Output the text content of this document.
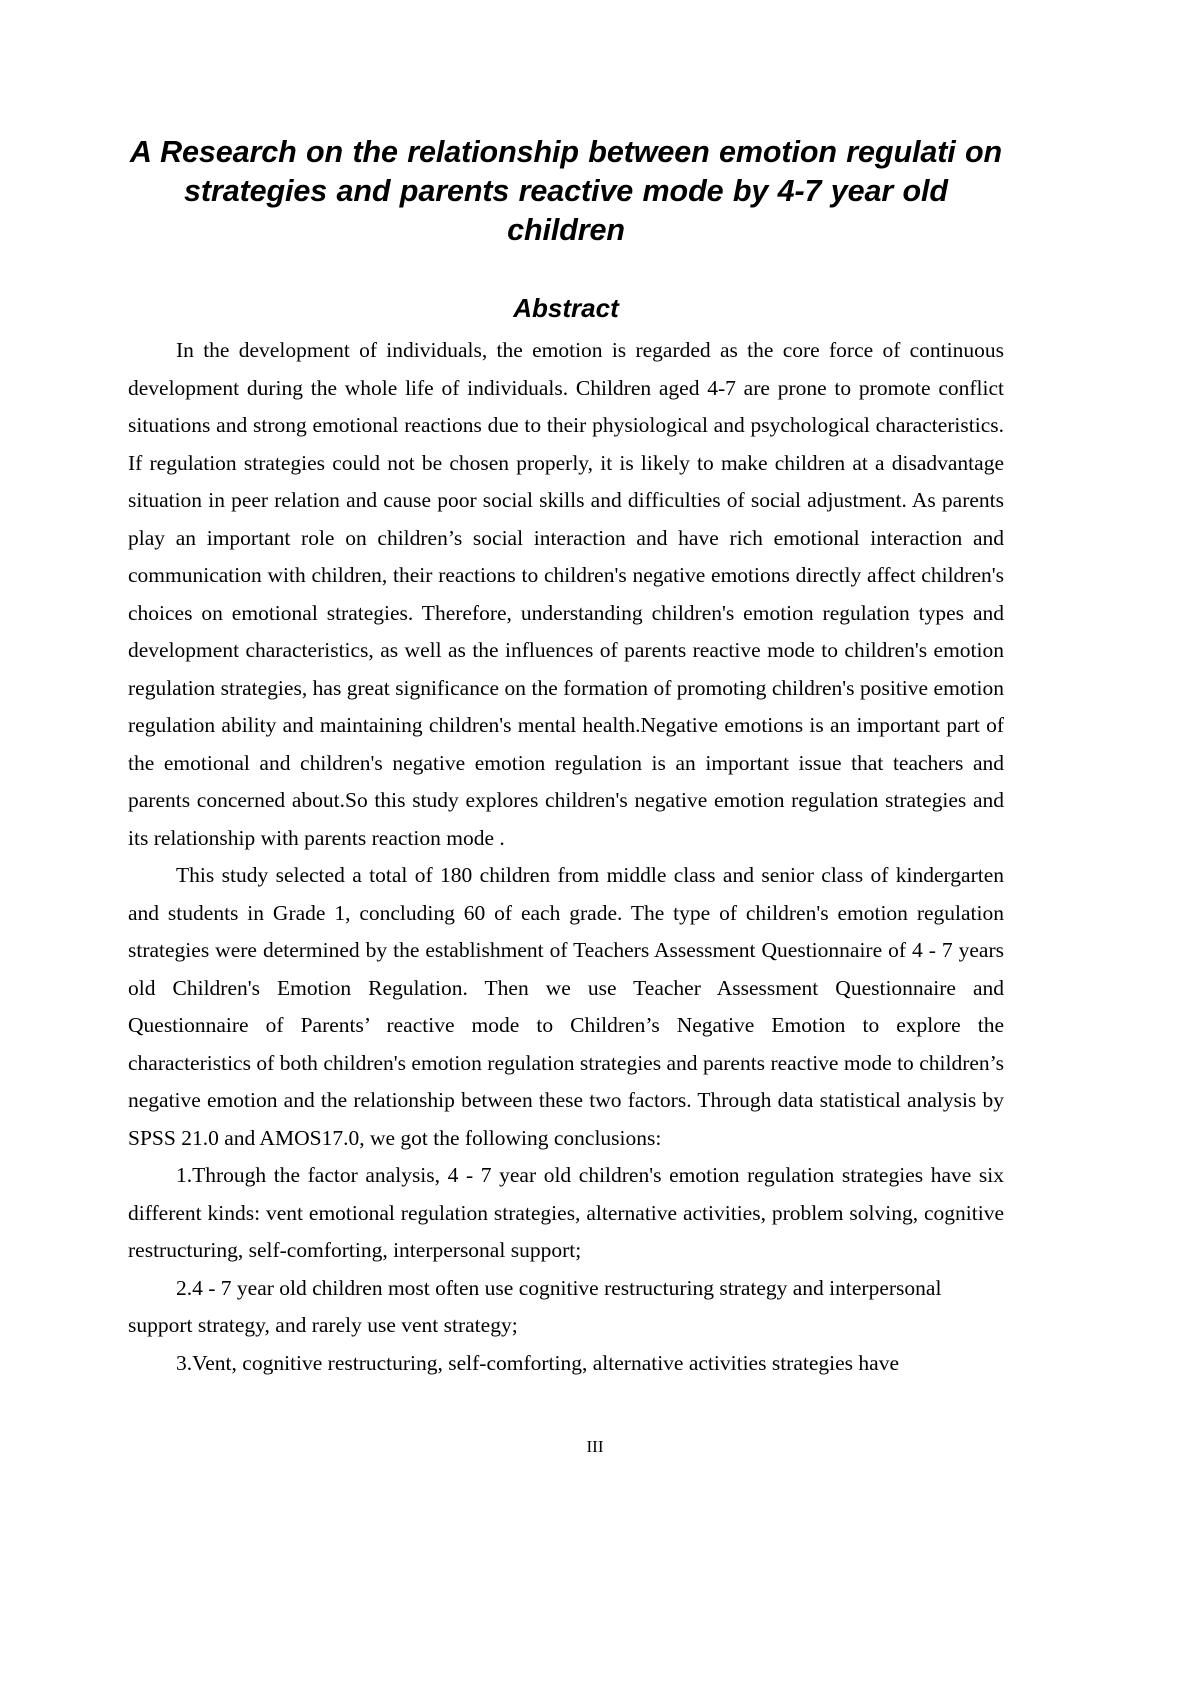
A Research on the relationship between emotion regulati on strategies and parents reactive mode by 4-7 year old children
Abstract

In the development of individuals, the emotion is regarded as the core force of continuous development during the whole life of individuals. Children aged 4-7 are prone to promote conflict situations and strong emotional reactions due to their physiological and psychological characteristics. If regulation strategies could not be chosen properly, it is likely to make children at a disadvantage situation in peer relation and cause poor social skills and difficulties of social adjustment. As parents play an important role on children’s social interaction and have rich emotional interaction and communication with children, their reactions to children's negative emotions directly affect children's choices on emotional strategies. Therefore, understanding children's emotion regulation types and development characteristics, as well as the influences of parents reactive mode to children's emotion regulation strategies, has great significance on the formation of promoting children's positive emotion regulation ability and maintaining children's mental health.Negative emotions is an important part of the emotional and children's negative emotion regulation is an important issue that teachers and parents concerned about.So this study explores children's negative emotion regulation strategies and its relationship with parents reaction mode .

This study selected a total of 180 children from middle class and senior class of kindergarten and students in Grade 1, concluding 60 of each grade. The type of children's emotion regulation strategies were determined by the establishment of Teachers Assessment Questionnaire of 4 - 7 years old Children's Emotion Regulation. Then we use Teacher Assessment Questionnaire and Questionnaire of Parents’ reactive mode to Children’s Negative Emotion to explore the characteristics of both children's emotion regulation strategies and parents reactive mode to children’s negative emotion and the relationship between these two factors. Through data statistical analysis by SPSS 21.0 and AMOS17.0, we got the following conclusions:

1.Through the factor analysis, 4 - 7 year old children's emotion regulation strategies have six different kinds: vent emotional regulation strategies, alternative activities, problem solving, cognitive restructuring, self-comforting, interpersonal support;

2.4 - 7 year old children most often use cognitive restructuring strategy and interpersonal support strategy, and rarely use vent strategy;

3.Vent, cognitive restructuring, self-comforting, alternative activities strategies have

III
